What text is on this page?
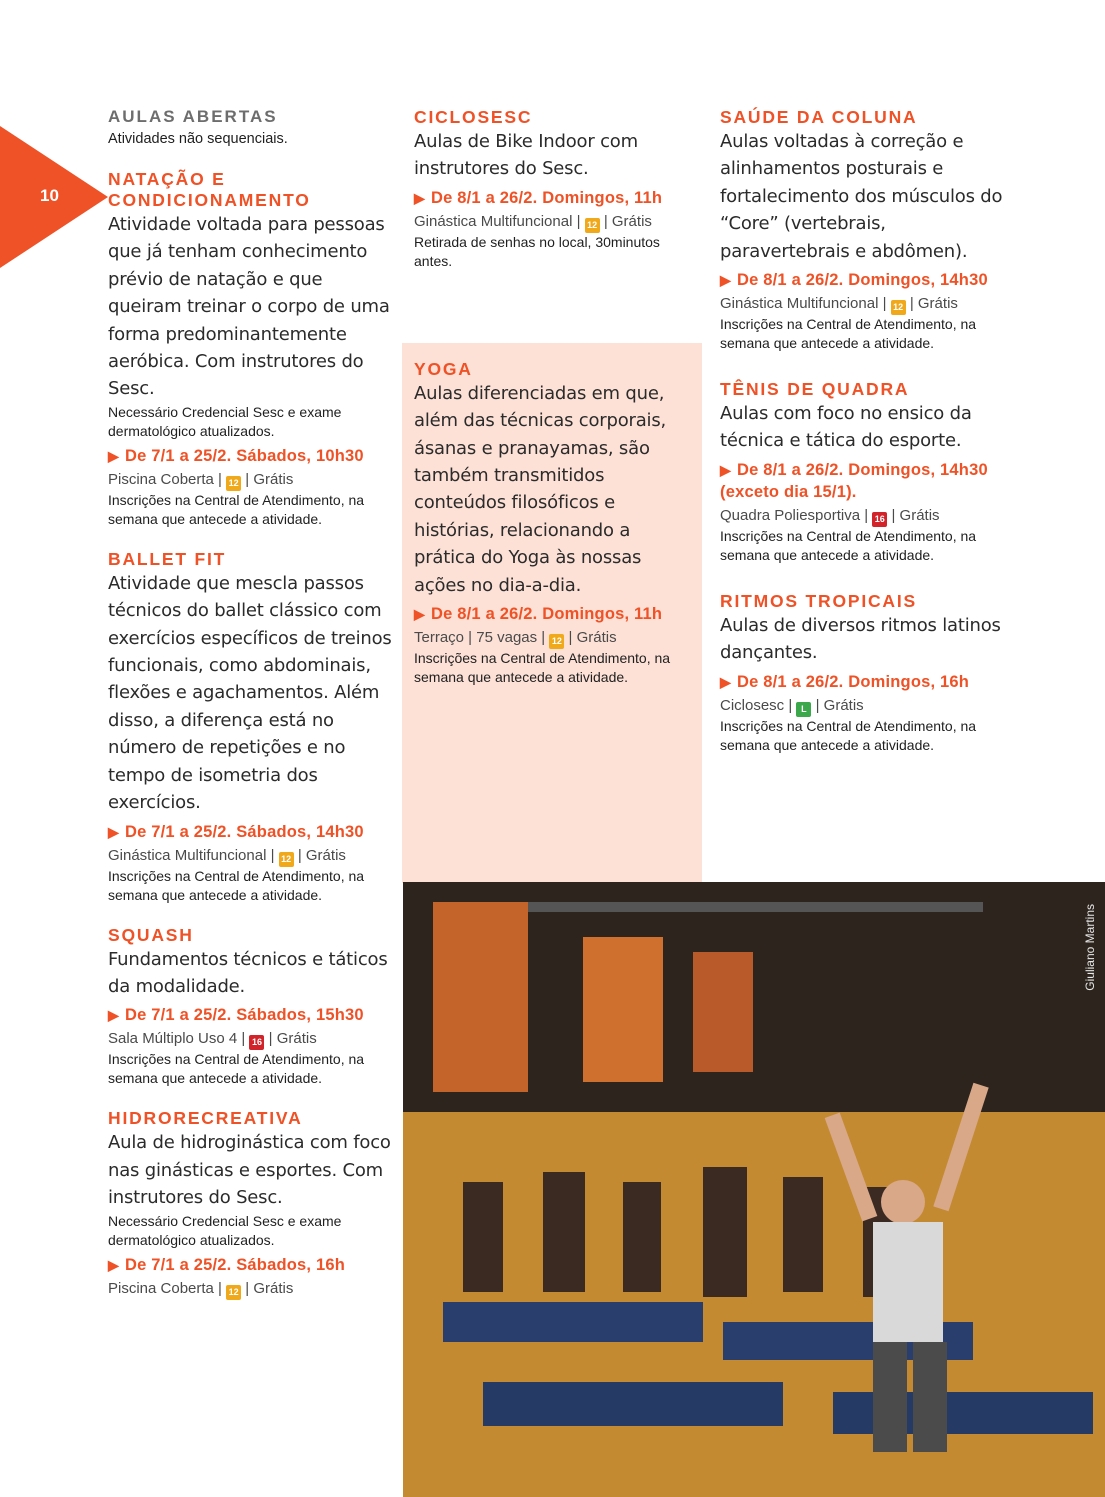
10
AULAS ABERTAS
Atividades não sequenciais.
NATAÇÃO E
CONDICIONAMENTO
Atividade voltada para pessoas que já tenham conhecimento prévio de natação e que queiram treinar o corpo de uma forma predominantemente aeróbica. Com instrutores do Sesc.
Necessário Credencial Sesc e exame dermatológico atualizados.
▶ De 7/1 a 25/2. Sábados, 10h30
Piscina Coberta | 12 | Grátis
Inscrições na Central de Atendimento, na semana que antecede a atividade.
BALLET FIT
Atividade que mescla passos técnicos do ballet clássico com exercícios específicos de treinos funcionais, como abdominais, flexões e agachamentos. Além disso, a diferença está no número de repetições e no tempo de isometria dos exercícios.
▶ De 7/1 a 25/2. Sábados, 14h30
Ginástica Multifuncional | 12 | Grátis
Inscrições na Central de Atendimento, na semana que antecede a atividade.
SQUASH
Fundamentos técnicos e táticos da modalidade.
▶ De 7/1 a 25/2. Sábados, 15h30
Sala Múltiplo Uso 4 | 16 | Grátis
Inscrições na Central de Atendimento, na semana que antecede a atividade.
HIDRORECREATIVA
Aula de hidroginástica com foco nas ginásticas e esportes. Com instrutores do Sesc.
Necessário Credencial Sesc e exame dermatológico atualizados.
▶ De 7/1 a 25/2. Sábados, 16h
Piscina Coberta | 12 | Grátis
CICLOSESC
Aulas de Bike Indoor com instrutores do Sesc.
▶ De 8/1 a 26/2. Domingos, 11h
Ginástica Multifuncional | 12 | Grátis
Retirada de senhas no local, 30minutos antes.
YOGA
Aulas diferenciadas em que, além das técnicas corporais, ásanas e pranayamas, são também transmitidos conteúdos filosóficos e histórias, relacionando a prática do Yoga às nossas ações no dia-a-dia.
▶ De 8/1 a 26/2. Domingos, 11h
Terraço | 75 vagas | 12 | Grátis
Inscrições na Central de Atendimento, na semana que antecede a atividade.
SAÚDE DA COLUNA
Aulas voltadas à correção e alinhamentos posturais e fortalecimento dos músculos do “Core” (vertebrais, paravertebrais e abdômen).
▶ De 8/1 a 26/2. Domingos, 14h30
Ginástica Multifuncional | 12 | Grátis
Inscrições na Central de Atendimento, na semana que antecede a atividade.
TÊNIS DE QUADRA
Aulas com foco no ensico da técnica e tática do esporte.
▶ De 8/1 a 26/2. Domingos, 14h30 (exceto dia 15/1).
Quadra Poliesportiva | 16 | Grátis
Inscrições na Central de Atendimento, na semana que antecede a atividade.
RITMOS TROPICAIS
Aulas de diversos ritmos latinos dançantes.
▶ De 8/1 a 26/2. Domingos, 16h
Ciclosesc | L | Grátis
Inscrições na Central de Atendimento, na semana que antecede a atividade.
Giuliano Martins
